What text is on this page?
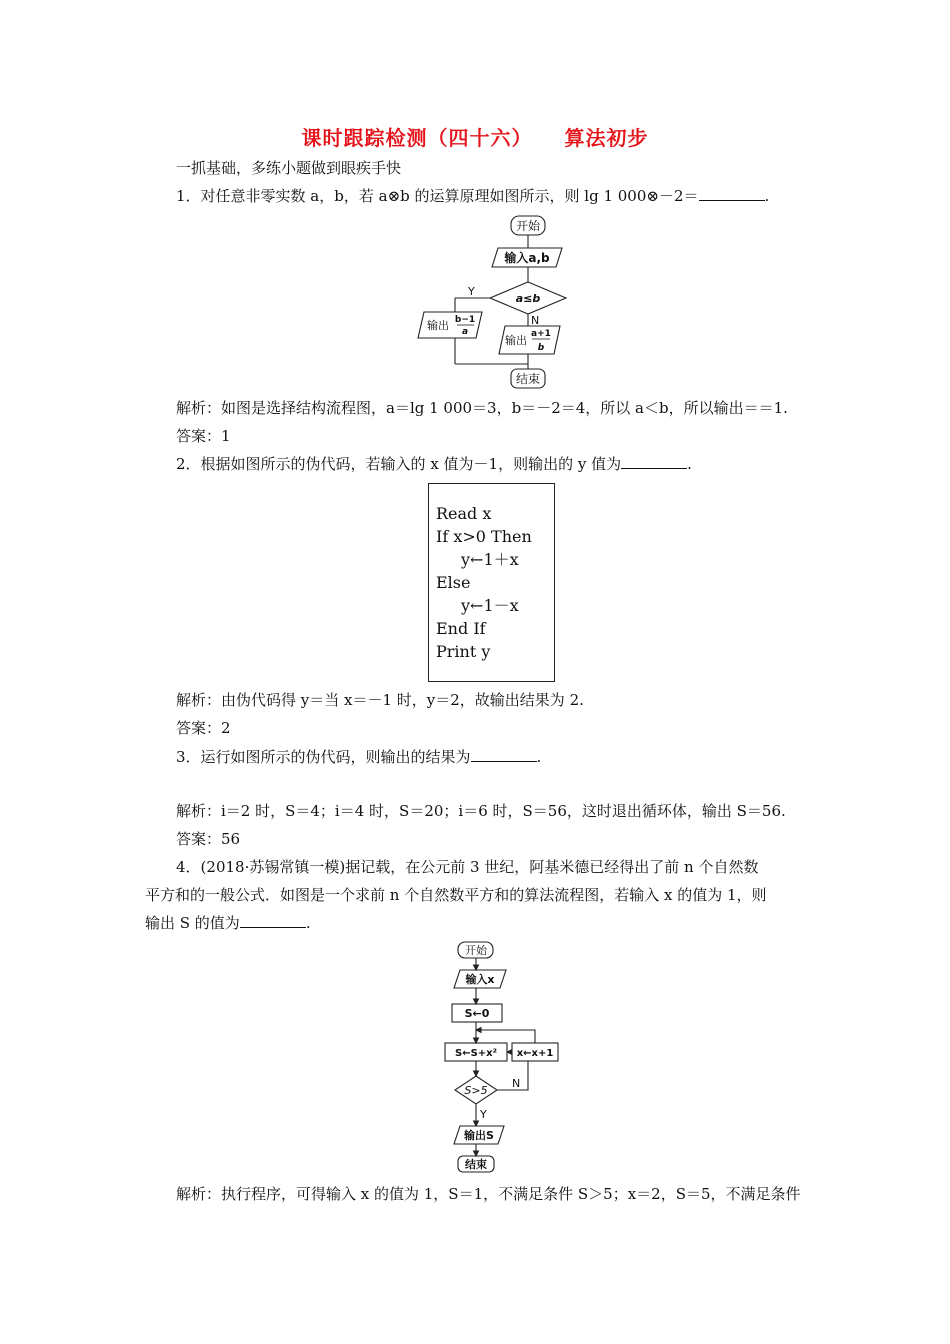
课时跟踪检测（四十六）　　算法初步
一抓基础，多练小题做到眼疾手快
1．对任意非零实数 a，b，若 a⊗b 的运算原理如图所示，则 lg 1 000⊗－2＝	.
开始
输入a,b
a≤b
Y
N
输出 b−1
a
输出 a+1
b
结束
解析：如图是选择结构流程图，a＝lg 1 000＝3，b＝－2＝4，所以 a＜b，所以输出＝＝1.
答案：1
2．根据如图所示的伪代码，若输入的 x 值为－1，则输出的 y 值为	.
Read x
If x>0 Then
y←1＋x
Else
y←1－x
End If
Print y
解析：由伪代码得 y＝当 x＝－1 时，y＝2，故输出结果为 2.
答案：2
3．运行如图所示的伪代码，则输出的结果为	.
解析：i＝2 时，S＝4；i＝4 时，S＝20；i＝6 时，S＝56，这时退出循环体，输出 S＝56.
答案：56
4．(2018·苏锡常镇一模)据记载，在公元前 3 世纪，阿基米德已经得出了前 n 个自然数
平方和的一般公式．如图是一个求前 n 个自然数平方和的算法流程图，若输入 x 的值为 1，则
输出 S 的值为	.
开始
输入x
S←0
S←S+x² x←x+1
S>5
N
Y
输出S
结束
解析：执行程序，可得输入 x 的值为 1，S＝1，不满足条件 S＞5；x＝2，S＝5，不满足条件
